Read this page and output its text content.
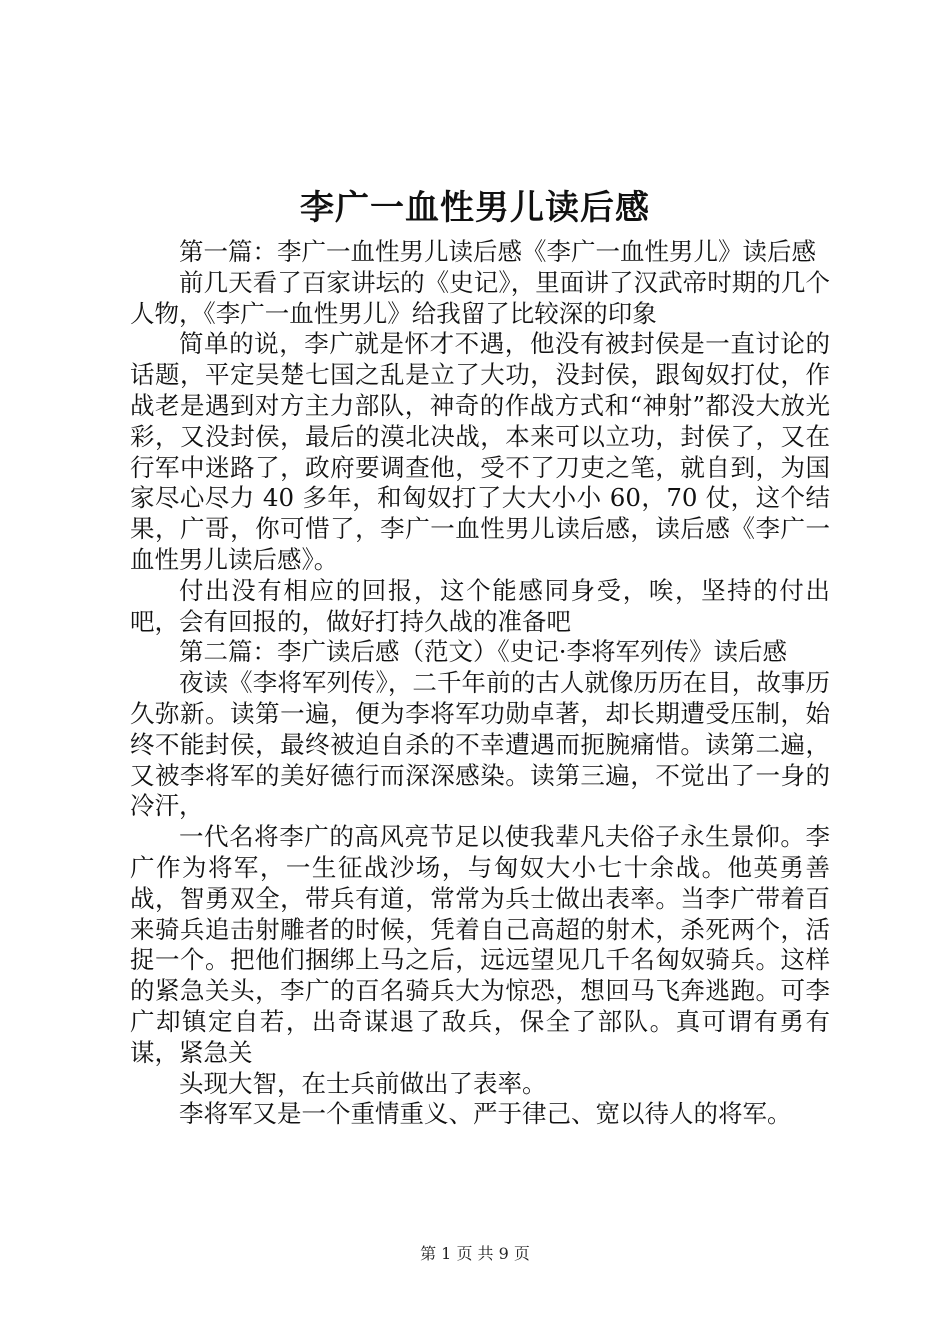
李广一血性男儿读后感

第一篇：李广一血性男儿读后感《李广一血性男儿》读后感

前几天看了百家讲坛的《史记》，里面讲了汉武帝时期的几个人物，《李广一血性男儿》给我留了比较深的印象

简单的说，李广就是怀才不遇，他没有被封侯是一直讨论的话题，平定吴楚七国之乱是立了大功，没封侯，跟匈奴打仗，作战老是遇到对方主力部队，神奇的作战方式和“神射”都没大放光彩，又没封侯，最后的漠北决战，本来可以立功，封侯了，又在行军中迷路了，政府要调查他，受不了刀吏之笔，就自到，为国家尽心尽力 40 多年，和匈奴打了大大小小 60，70 仗，这个结果，广哥，你可惜了，李广一血性男儿读后感，读后感《李广一血性男儿读后感》。

付出没有相应的回报，这个能感同身受，唉，坚持的付出吧，会有回报的，做好打持久战的准备吧

第二篇：李广读后感（范文）《史记·李将军列传》读后感

夜读《李将军列传》，二千年前的古人就像历历在目，故事历久弥新。读第一遍，便为李将军功勋卓著，却长期遭受压制，始终不能封侯，最终被迫自杀的不幸遭遇而扼腕痛惜。读第二遍，又被李将军的美好德行而深深感染。读第三遍，不觉出了一身的冷汗，

一代名将李广的高风亮节足以使我辈凡夫俗子永生景仰。李广作为将军，一生征战沙场，与匈奴大小七十余战。他英勇善战，智勇双全，带兵有道，常常为兵士做出表率。当李广带着百来骑兵追击射雕者的时候，凭着自己高超的射术，杀死两个，活捉一个。把他们捆绑上马之后，远远望见几千名匈奴骑兵。这样的紧急关头，李广的百名骑兵大为惊恐，想回马飞奔逃跑。可李广却镇定自若，出奇谋退了敌兵，保全了部队。真可谓有勇有谋，紧急关

头现大智，在士兵前做出了表率。

李将军又是一个重情重义、严于律己、宽以待人的将军。

第 1 页 共 9 页
